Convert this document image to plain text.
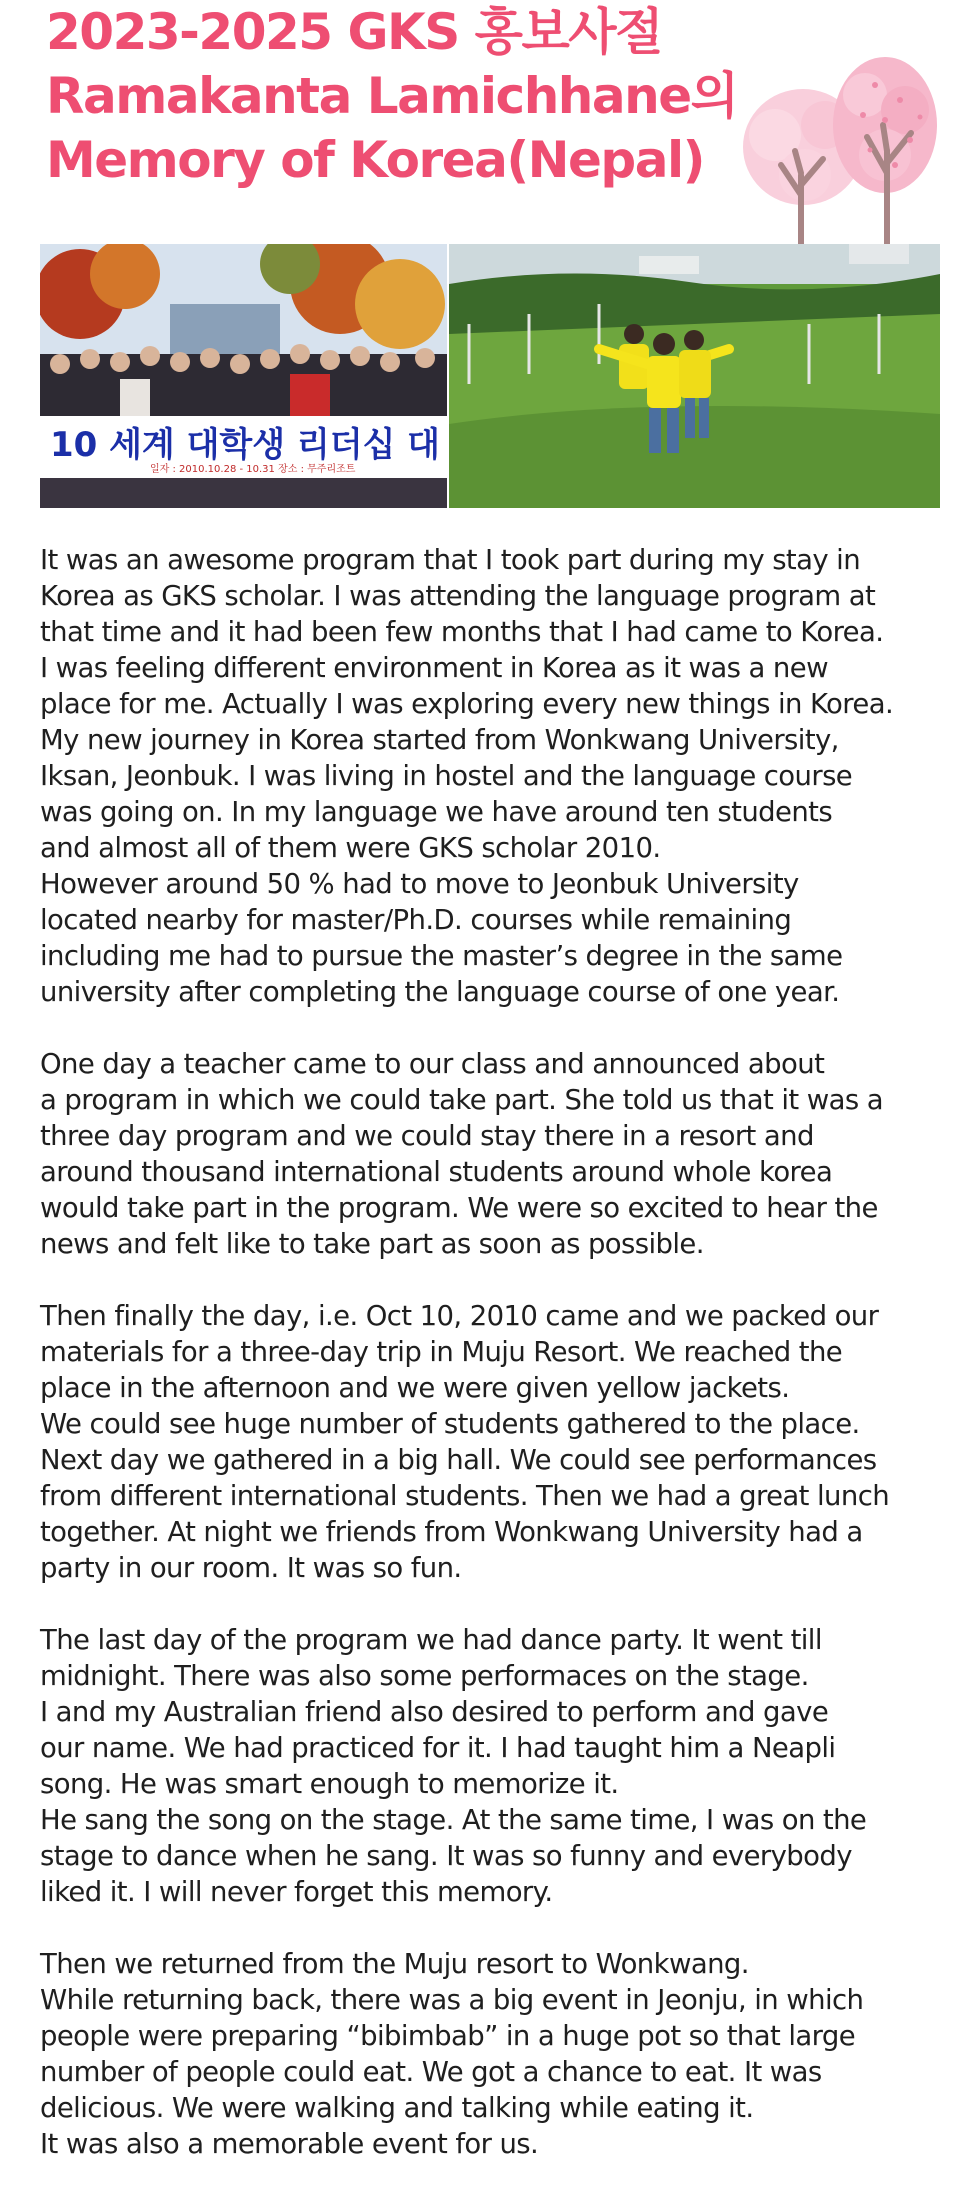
2023-2025 GKS 홍보사절
Ramakanta Lamichhane의
Memory of Korea(Nepal)
10 세계 대학생 리더십 대
일자 : 2010.10.28 - 10.31 장소 : 무주리조트

It was an awesome program that I took part during my stay in
Korea as GKS scholar. I was attending the language program at
that time and it had been few months that I had came to Korea.
I was feeling different environment in Korea as it was a new
place for me. Actually I was exploring every new things in Korea.
My new journey in Korea started from Wonkwang University,
Iksan, Jeonbuk. I was living in hostel and the language course
was going on. In my language we have around ten students
and almost all of them were GKS scholar 2010.
However around 50 % had to move to Jeonbuk University
located nearby for master/Ph.D. courses while remaining
including me had to pursue the master’s degree in the same
university after completing the language course of one year.

One day a teacher came to our class and announced about
a program in which we could take part. She told us that it was a
three day program and we could stay there in a resort and
around thousand international students around whole korea
would take part in the program. We were so excited to hear the
news and felt like to take part as soon as possible.

Then finally the day, i.e. Oct 10, 2010 came and we packed our
materials for a three-day trip in Muju Resort. We reached the
place in the afternoon and we were given yellow jackets.
We could see huge number of students gathered to the place.
Next day we gathered in a big hall. We could see performances
from different international students. Then we had a great lunch
together. At night we friends from Wonkwang University had a
party in our room. It was so fun.

The last day of the program we had dance party. It went till
midnight. There was also some performaces on the stage.
I and my Australian friend also desired to perform and gave
our name. We had practiced for it. I had taught him a Neapli
song. He was smart enough to memorize it.
He sang the song on the stage. At the same time, I was on the
stage to dance when he sang. It was so funny and everybody
liked it. I will never forget this memory.

Then we returned from the Muju resort to Wonkwang.
While returning back, there was a big event in Jeonju, in which
people were preparing “bibimbab” in a huge pot so that large
number of people could eat. We got a chance to eat. It was
delicious. We were walking and talking while eating it.
It was also a memorable event for us.
